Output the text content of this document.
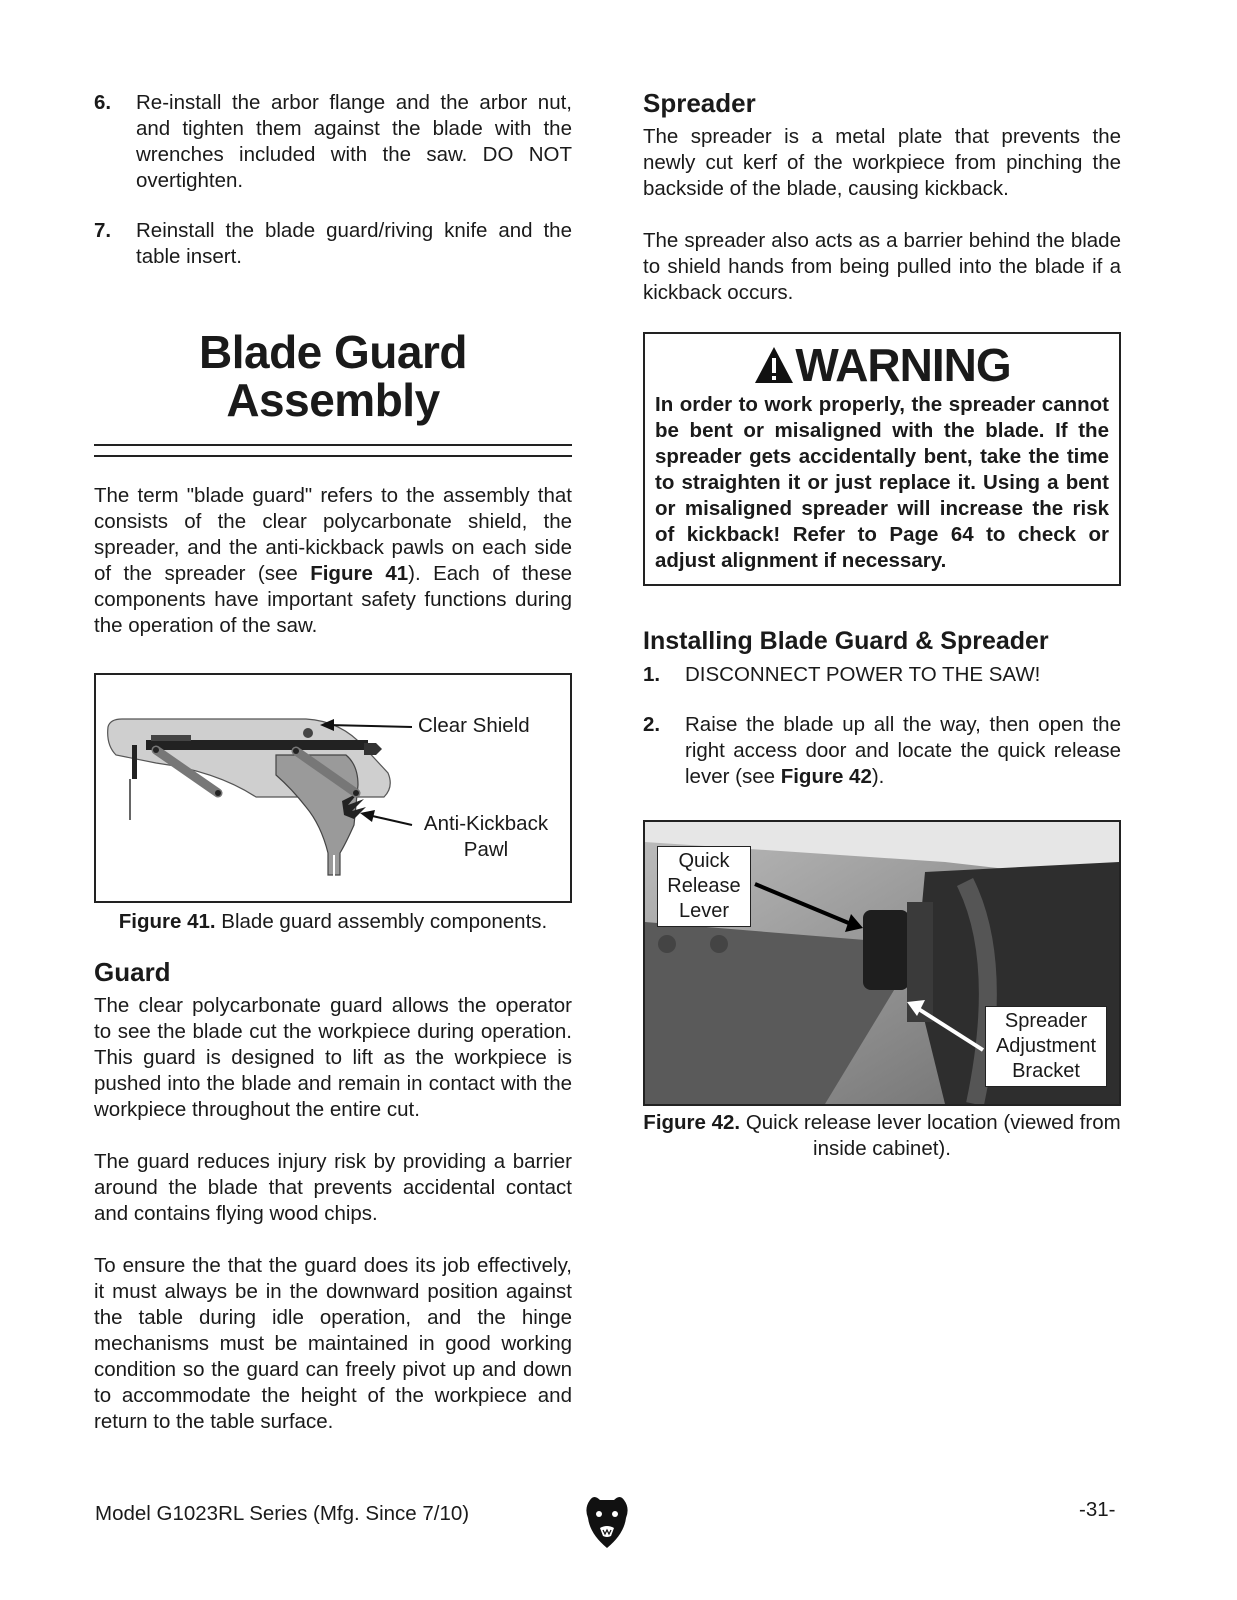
6.	Re-install the arbor flange and the arbor nut, and tighten them against the blade with the wrenches included with the saw. DO NOT overtighten.
7.	Reinstall the blade guard/riving knife and the table insert.
Blade Guard
Assembly

The term "blade guard" refers to the assembly that consists of the clear polycarbonate shield, the spreader, and the anti-kickback pawls on each side of the spreader (see Figure 41). Each of these components have important safety functions during the operation of the saw.

Clear Shield
Anti-Kickback
Pawl
Figure 41. Blade guard assembly components.
Guard

The clear polycarbonate guard allows the operator to see the blade cut the workpiece during operation. This guard is designed to lift as the workpiece is pushed into the blade and remain in contact with the workpiece throughout the entire cut.

The guard reduces injury risk by providing a barrier around the blade that prevents accidental contact and contains flying wood chips.

To ensure the that the guard does its job effectively, it must always be in the downward position against the table during idle operation, and the hinge mechanisms must be maintained in good working condition so the guard can freely pivot up and down to accommodate the height of the workpiece and return to the table surface.

Spreader

The spreader is a metal plate that prevents the newly cut kerf of the workpiece from pinching the backside of the blade, causing kickback.

The spreader also acts as a barrier behind the blade to shield hands from being pulled into the blade if a kickback occurs.

WARNING
In order to work properly, the spreader cannot be bent or misaligned with the blade. If the spreader gets accidentally bent, take the time to straighten it or just replace it. Using a bent or misaligned spreader will increase the risk of kickback! Refer to Page 64 to check or adjust alignment if necessary.
Installing Blade Guard & Spreader
1.	DISCONNECT POWER TO THE SAW!
2.	Raise the blade up all the way, then open the right access door and locate the quick release lever (see Figure 42).
Quick
Release
Lever
Spreader
Adjustment
Bracket
Figure 42. Quick release lever location (viewed from inside cabinet).
Model G1023RL Series (Mfg. Since 7/10)	-31-
